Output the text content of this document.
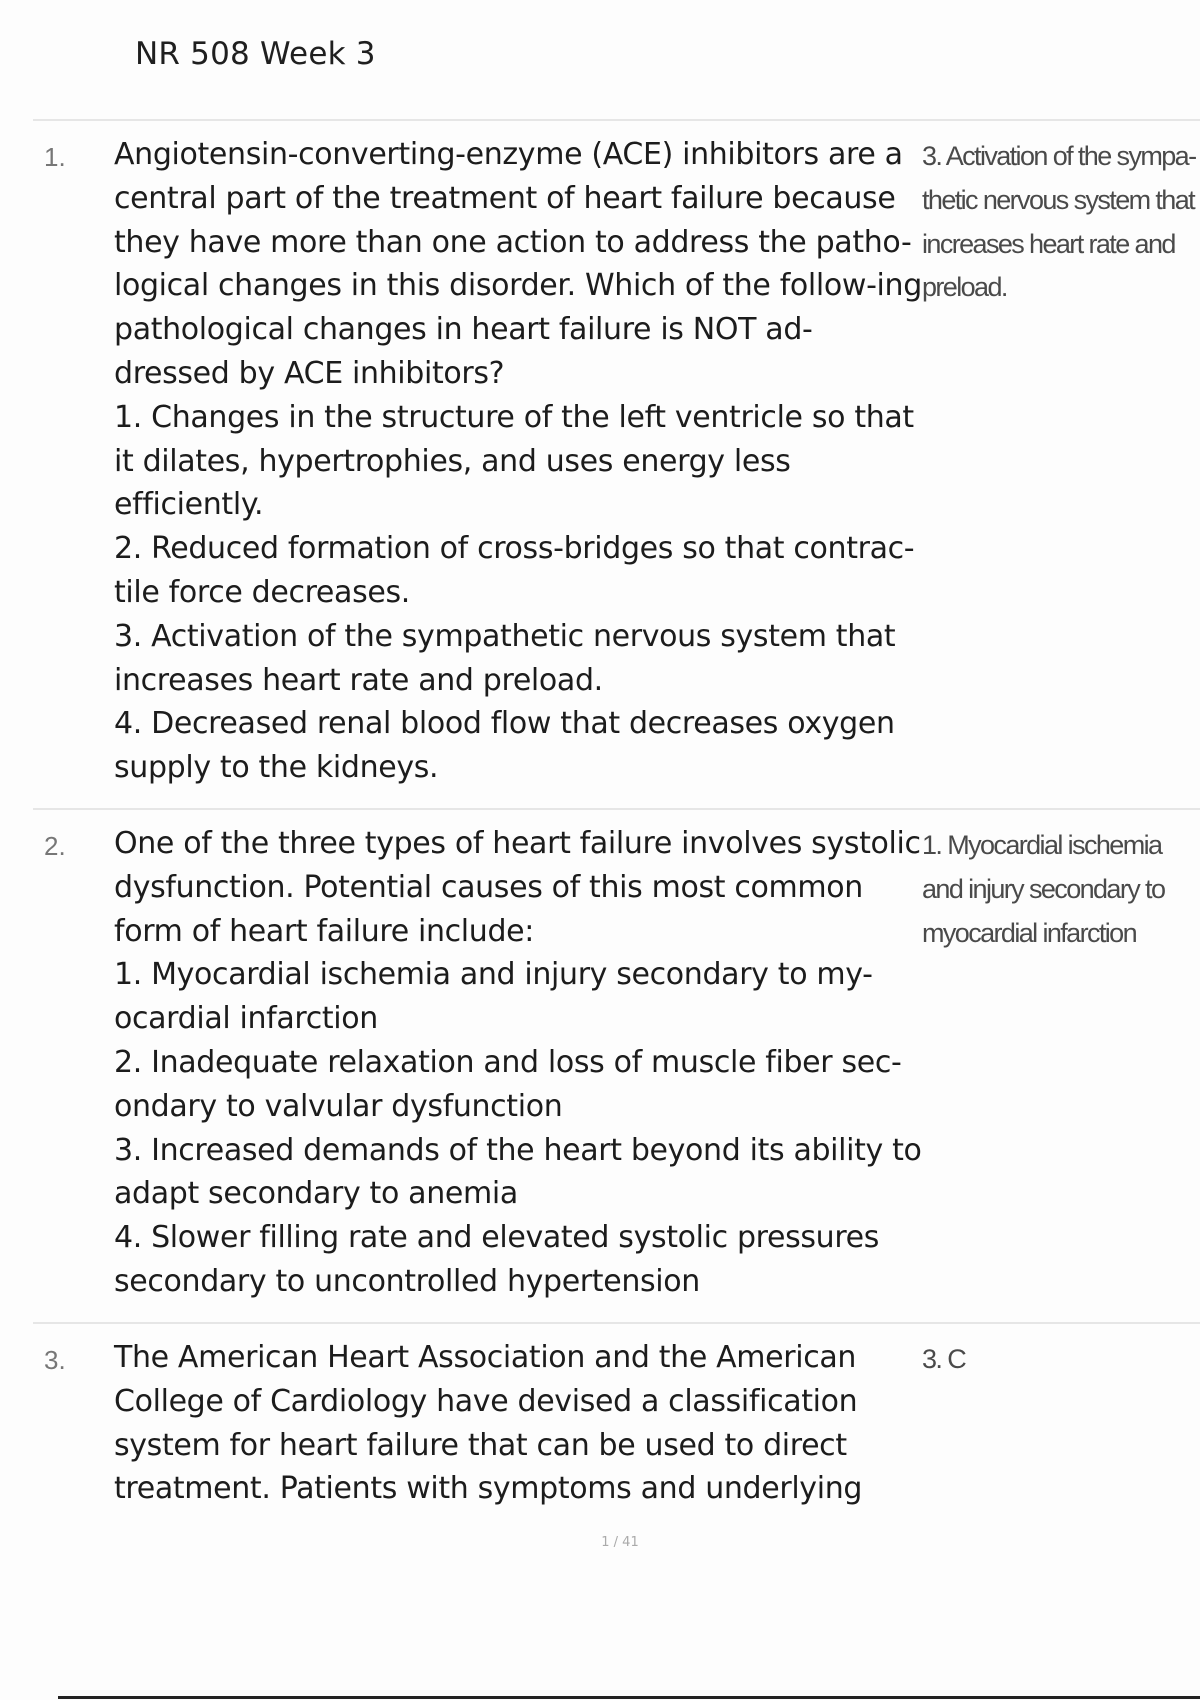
NR 508 Week 3
1. Angiotensin-converting-enzyme (ACE) inhibitors are a central part of the treatment of heart failure because they have more than one action to address the patho-logical changes in this disorder. Which of the follow-ing pathological changes in heart failure is NOT ad-dressed by ACE inhibitors?

1. Changes in the structure of the left ventricle so that it dilates, hypertrophies, and uses energy less efficiently.

2. Reduced formation of cross-bridges so that contrac-tile force decreases.

3. Activation of the sympathetic nervous system that increases heart rate and preload.

4. Decreased renal blood flow that decreases oxygen supply to the kidneys.

3. Activation of the sympa-thetic nervous system that increases heart rate and preload.
2. One of the three types of heart failure involves systolic dysfunction. Potential causes of this most common form of heart failure include:

1. Myocardial ischemia and injury secondary to my-ocardial infarction

2. Inadequate relaxation and loss of muscle fiber sec-ondary to valvular dysfunction

3. Increased demands of the heart beyond its ability to adapt secondary to anemia

4. Slower filling rate and elevated systolic pressures secondary to uncontrolled hypertension

1. Myocardial ischemia and injury secondary to myocardial infarction
3. The American Heart Association and the American College of Cardiology have devised a classification system for heart failure that can be used to direct treatment. Patients with symptoms and underlying

3. C
1 / 41
